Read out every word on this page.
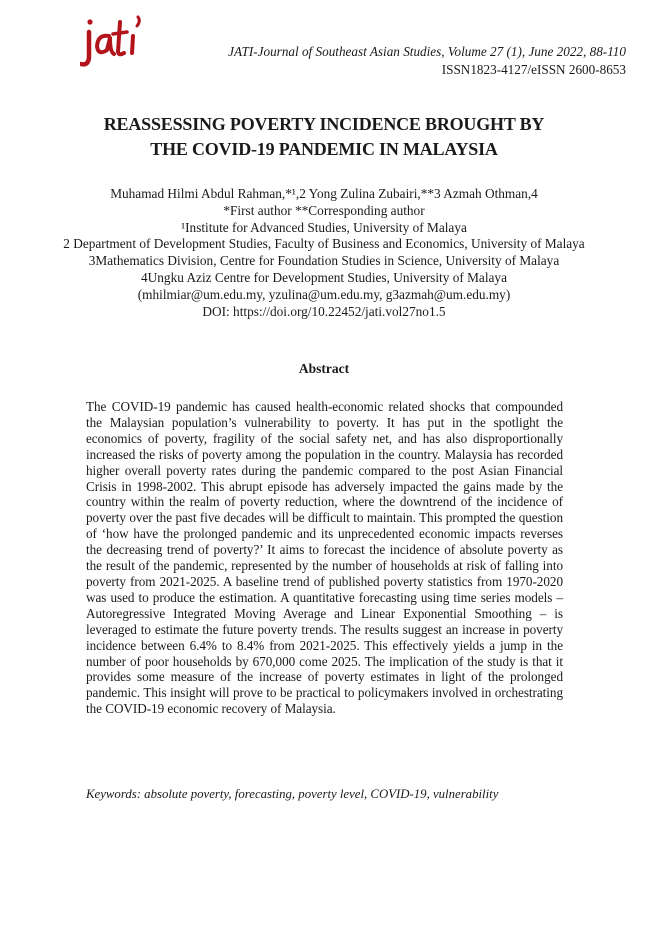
JATI-Journal of Southeast Asian Studies, Volume 27 (1), June 2022, 88-110
ISSN1823-4127/eISSN 2600-8653
REASSESSING POVERTY INCIDENCE BROUGHT BY
THE COVID-19 PANDEMIC IN MALAYSIA
Muhamad Hilmi Abdul Rahman,*¹,2 Yong Zulina Zubairi,**3 Azmah Othman,4
*First author **Corresponding author
¹Institute for Advanced Studies, University of Malaya
2 Department of Development Studies, Faculty of Business and Economics, University of Malaya
3Mathematics Division, Centre for Foundation Studies in Science, University of Malaya
4Ungku Aziz Centre for Development Studies, University of Malaya
(mhilmiar@um.edu.my, yzulina@um.edu.my, g3azmah@um.edu.my)
DOI: https://doi.org/10.22452/jati.vol27no1.5
Abstract
The COVID-19 pandemic has caused health-economic related shocks that compounded the Malaysian population’s vulnerability to poverty. It has put in the spotlight the economics of poverty, fragility of the social safety net, and has also disproportionally increased the risks of poverty among the population in the country. Malaysia has recorded higher overall poverty rates during the pandemic compared to the post Asian Financial Crisis in 1998-2002. This abrupt episode has adversely impacted the gains made by the country within the realm of poverty reduction, where the downtrend of the incidence of poverty over the past five decades will be difficult to maintain. This prompted the question of ‘how have the prolonged pandemic and its unprecedented economic impacts reverses the decreasing trend of poverty?’ It aims to forecast the incidence of absolute poverty as the result of the pandemic, represented by the number of households at risk of falling into poverty from 2021-2025. A baseline trend of published poverty statistics from 1970-2020 was used to produce the estimation. A quantitative forecasting using time series models – Autoregressive Integrated Moving Average and Linear Exponential Smoothing – is leveraged to estimate the future poverty trends. The results suggest an increase in poverty incidence between 6.4% to 8.4% from 2021-2025. This effectively yields a jump in the number of poor households by 670,000 come 2025. The implication of the study is that it provides some measure of the increase of poverty estimates in light of the prolonged pandemic. This insight will prove to be practical to policymakers involved in orchestrating the COVID-19 economic recovery of Malaysia.
Keywords: absolute poverty, forecasting, poverty level, COVID-19, vulnerability
